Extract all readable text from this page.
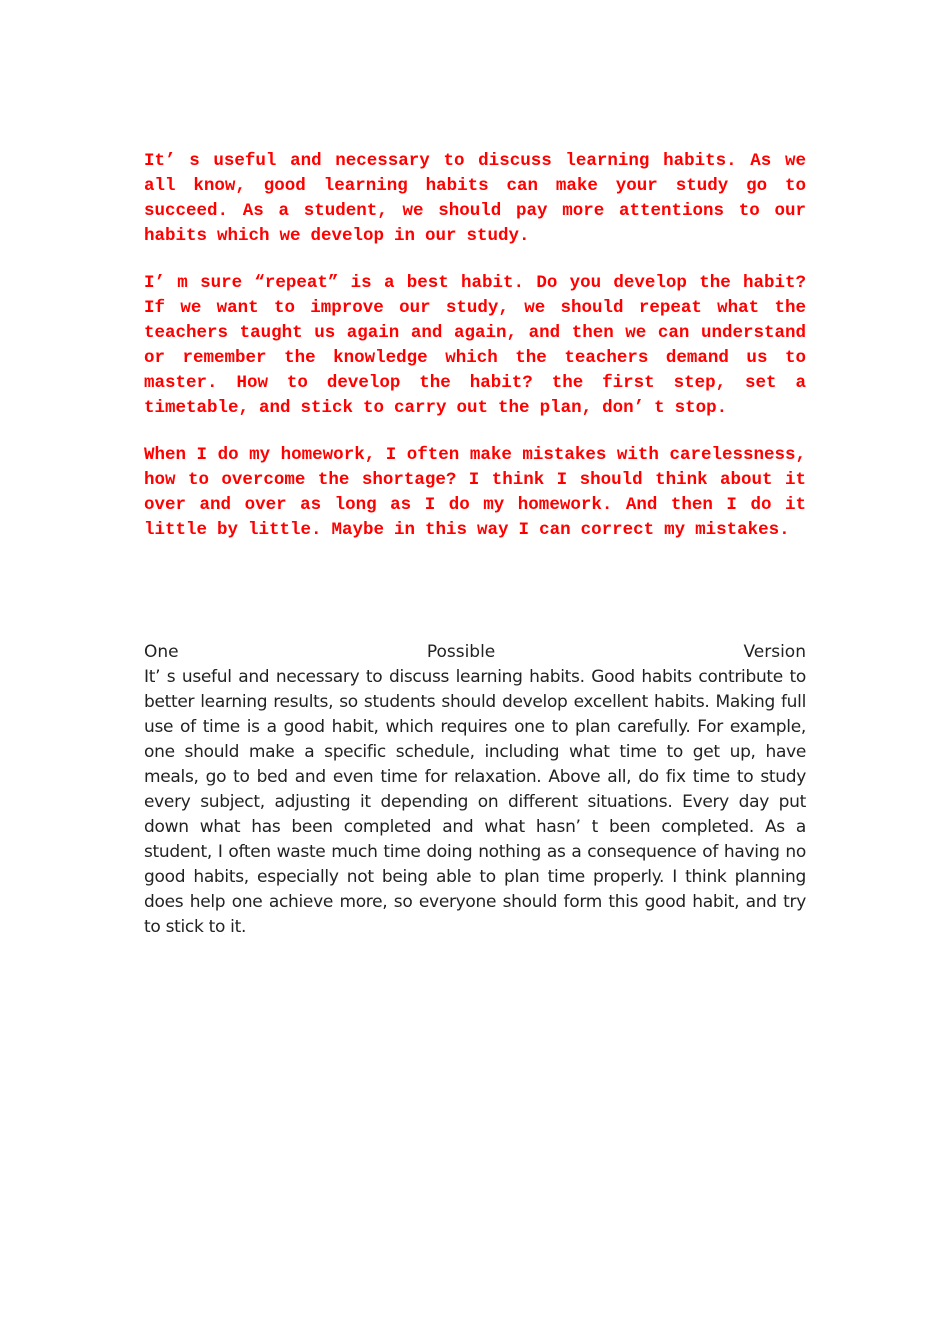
It’ s useful and necessary to discuss learning habits. As we all know, good learning habits can make your study go to succeed. As a student, we should pay more attentions to our habits which we develop in our study.

I’ m sure “repeat” is a best habit. Do you develop the habit? If we want to improve our study, we should repeat what the teachers taught us again and again, and then we can understand or remember the knowledge which the teachers demand us to master. How to develop the habit? the first step, set a timetable, and stick to carry out the plan, don’ t stop.

When I do my homework, I often make mistakes with carelessness, how to overcome the shortage? I think I should think about it over and over as long as I do my homework. And then I do it little by little. Maybe in this way I can correct my mistakes.

One	Possible	Version

It’ s useful and necessary to discuss learning habits. Good habits contribute to better learning results, so students should develop excellent habits. Making full use of time is a good habit, which requires one to plan carefully. For example, one should make a specific schedule, including what time to get up, have meals, go to bed and even time for relaxation. Above all, do fix time to study every subject, adjusting it depending on different situations. Every day put down what has been completed and what hasn’ t been completed. As a student, I often waste much time doing nothing as a consequence of having no good habits, especially not being able to plan time properly. I think planning does help one achieve more, so everyone should form this good habit, and try to stick to it.
